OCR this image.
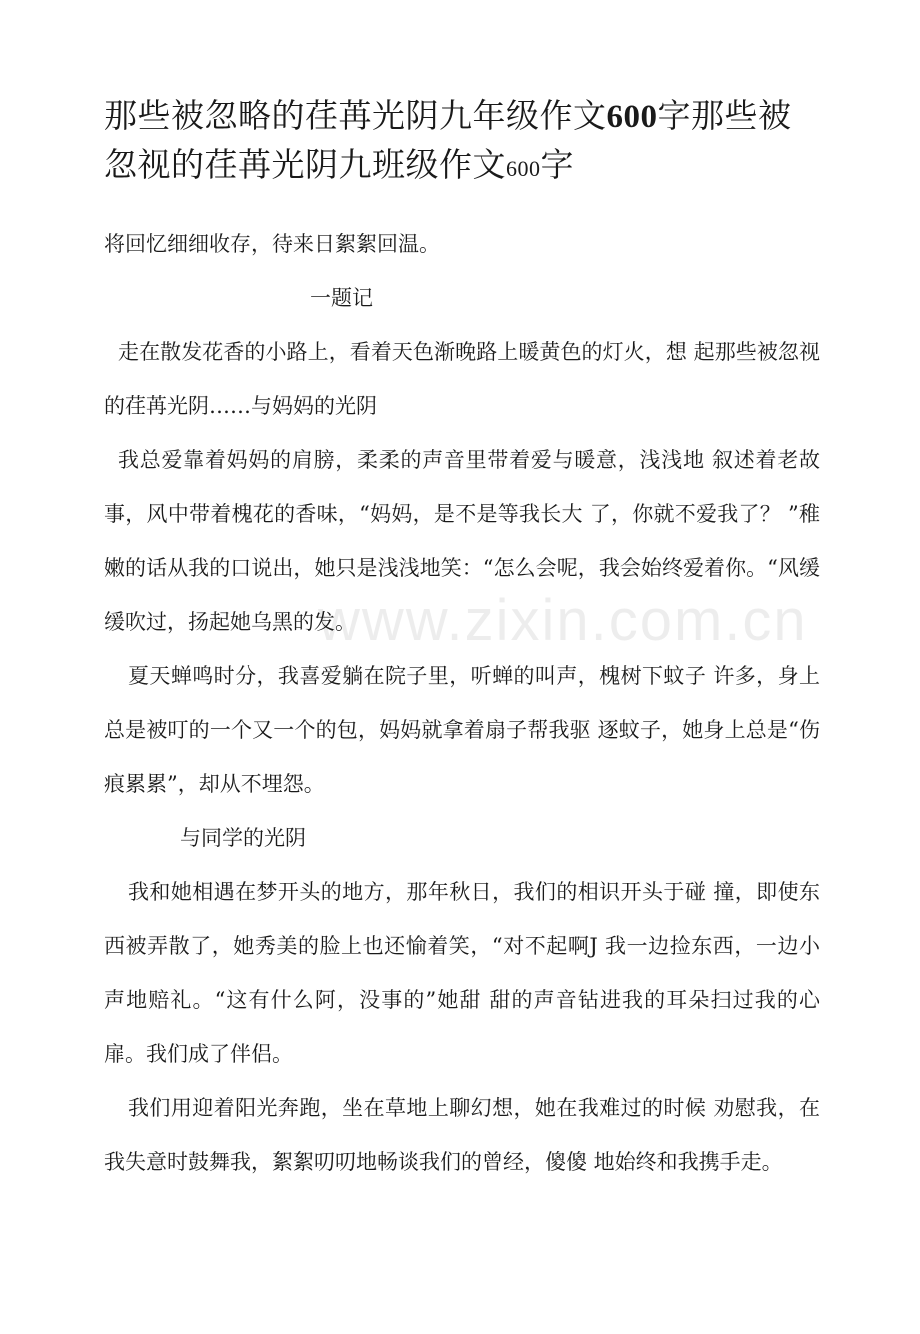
那些被忽略的荏苒光阴九年级作文600字那些被忽视的荏苒光阴九班级作文600字

将回忆细细收存，待来日絮絮回温。

一题记

走在散发花香的小路上，看着天色渐晚路上暖黄色的灯火，想 起那些被忽视的荏苒光阴……与妈妈的光阴

我总爱靠着妈妈的肩膀，柔柔的声音里带着爱与暖意，浅浅地 叙述着老故事，风中带着槐花的香味，“妈妈，是不是等我长大 了，你就不爱我了？ ”稚嫩的话从我的口说出，她只是浅浅地笑：“怎么会呢，我会始终爱着你。“风缓缓吹过，扬起她乌黑的发。

夏天蝉鸣时分，我喜爱躺在院子里，听蝉的叫声，槐树下蚊子 许多，身上总是被叮的一个又一个的包，妈妈就拿着扇子帮我驱 逐蚊子，她身上总是“伤痕累累”，却从不埋怨。

与同学的光阴

我和她相遇在梦开头的地方，那年秋日，我们的相识开头于碰 撞，即使东西被弄散了，她秀美的脸上也还愉着笑，“对不起啊J 我一边捡东西，一边小声地赔礼。“这有什么阿，没事的”她甜 甜的声音钻进我的耳朵扫过我的心扉。我们成了伴侣。

我们用迎着阳光奔跑，坐在草地上聊幻想，她在我难过的时候 劝慰我，在我失意时鼓舞我，絮絮叨叨地畅谈我们的曾经，傻傻 地始终和我携手走。

www.zixin.com.cn
